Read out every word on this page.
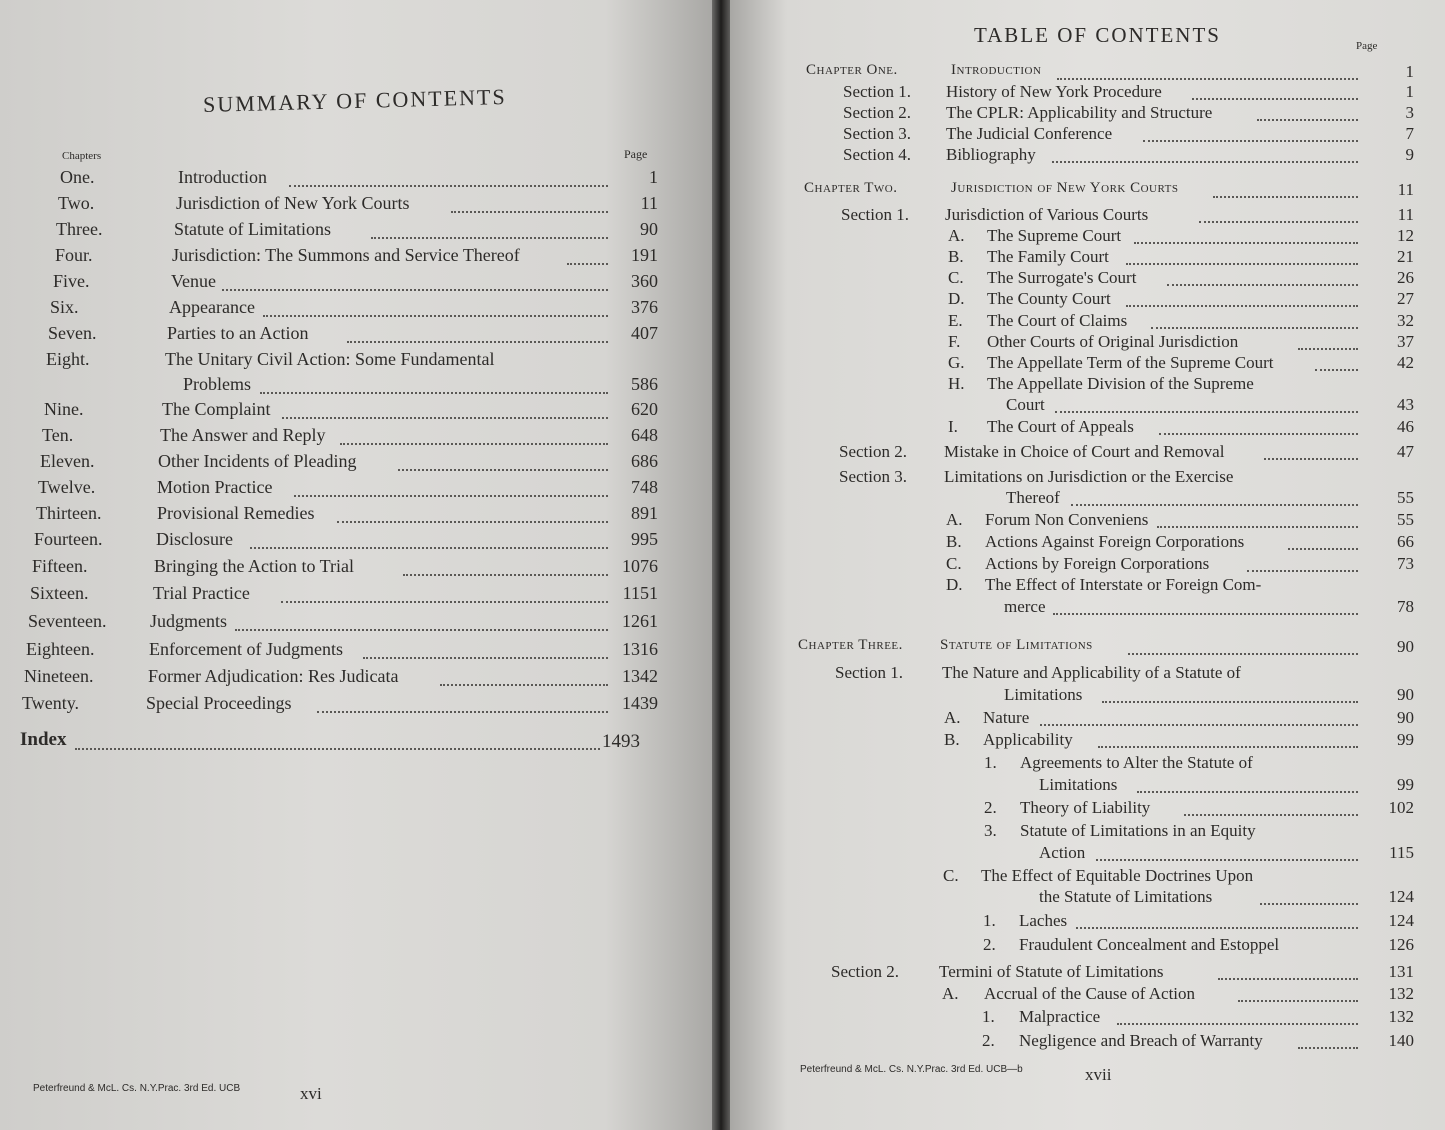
SUMMARY OF CONTENTS
Chapters	Page
One.	Introduction	1
Two.	Jurisdiction of New York Courts	11
Three.	Statute of Limitations	90
Four.	Jurisdiction: The Summons and Service Thereof	191
Five.	Venue	360
Six.	Appearance	376
Seven.	Parties to an Action	407
Eight.	The Unitary Civil Action: Some Fundamental
Problems	586
Nine.	The Complaint	620
Ten.	The Answer and Reply	648
Eleven.	Other Incidents of Pleading	686
Twelve.	Motion Practice	748
Thirteen.	Provisional Remedies	891
Fourteen.	Disclosure	995
Fifteen.	Bringing the Action to Trial	1076
Sixteen.	Trial Practice	1151
Seventeen. Judgments	1261
Eighteen.	Enforcement of Judgments	1316
Nineteen.	Former Adjudication: Res Judicata	1342
Twenty.	Special Proceedings	1439
Index	1493
Peterfreund & McL. Cs. N.Y.Prac. 3rd Ed. UCB	xvi
TABLE OF CONTENTS	Page
Chapter One.	Introduction	1
Section 1. History of New York Procedure	1
Section 2. The CPLR: Applicability and Structure	3
Section 3. The Judicial Conference	7
Section 4. Bibliography	9
Chapter Two.	Jurisdiction of New York Courts	11
Section 1. Jurisdiction of Various Courts	11
A. The Supreme Court	12
B. The Family Court	21
C. The Surrogate's Court	26
D. The County Court	27
E. The Court of Claims	32
F. Other Courts of Original Jurisdiction	37
G. The Appellate Term of the Supreme Court	42
H. The Appellate Division of the Supreme
Court	43
I. The Court of Appeals	46
Section 2. Mistake in Choice of Court and Removal	47
Section 3. Limitations on Jurisdiction or the Exercise
Thereof	55
A. Forum Non Conveniens	55
B. Actions Against Foreign Corporations	66
C. Actions by Foreign Corporations	73
D. The Effect of Interstate or Foreign Com-
merce	78
Chapter Three. Statute of Limitations	90
Section 1. The Nature and Applicability of a Statute of
Limitations	90
A. Nature	90
B. Applicability	99
1. Agreements to Alter the Statute of
Limitations	99
2. Theory of Liability	102
3. Statute of Limitations in an Equity
Action	115
C. The Effect of Equitable Doctrines Upon
the Statute of Limitations	124
1. Laches	124
2. Fraudulent Concealment and Estoppel	126
Section 2. Termini of Statute of Limitations	131
A. Accrual of the Cause of Action	132
1. Malpractice	132
2. Negligence and Breach of Warranty	140
Peterfreund & McL. Cs. N.Y.Prac. 3rd Ed. UCB—b	xvii
